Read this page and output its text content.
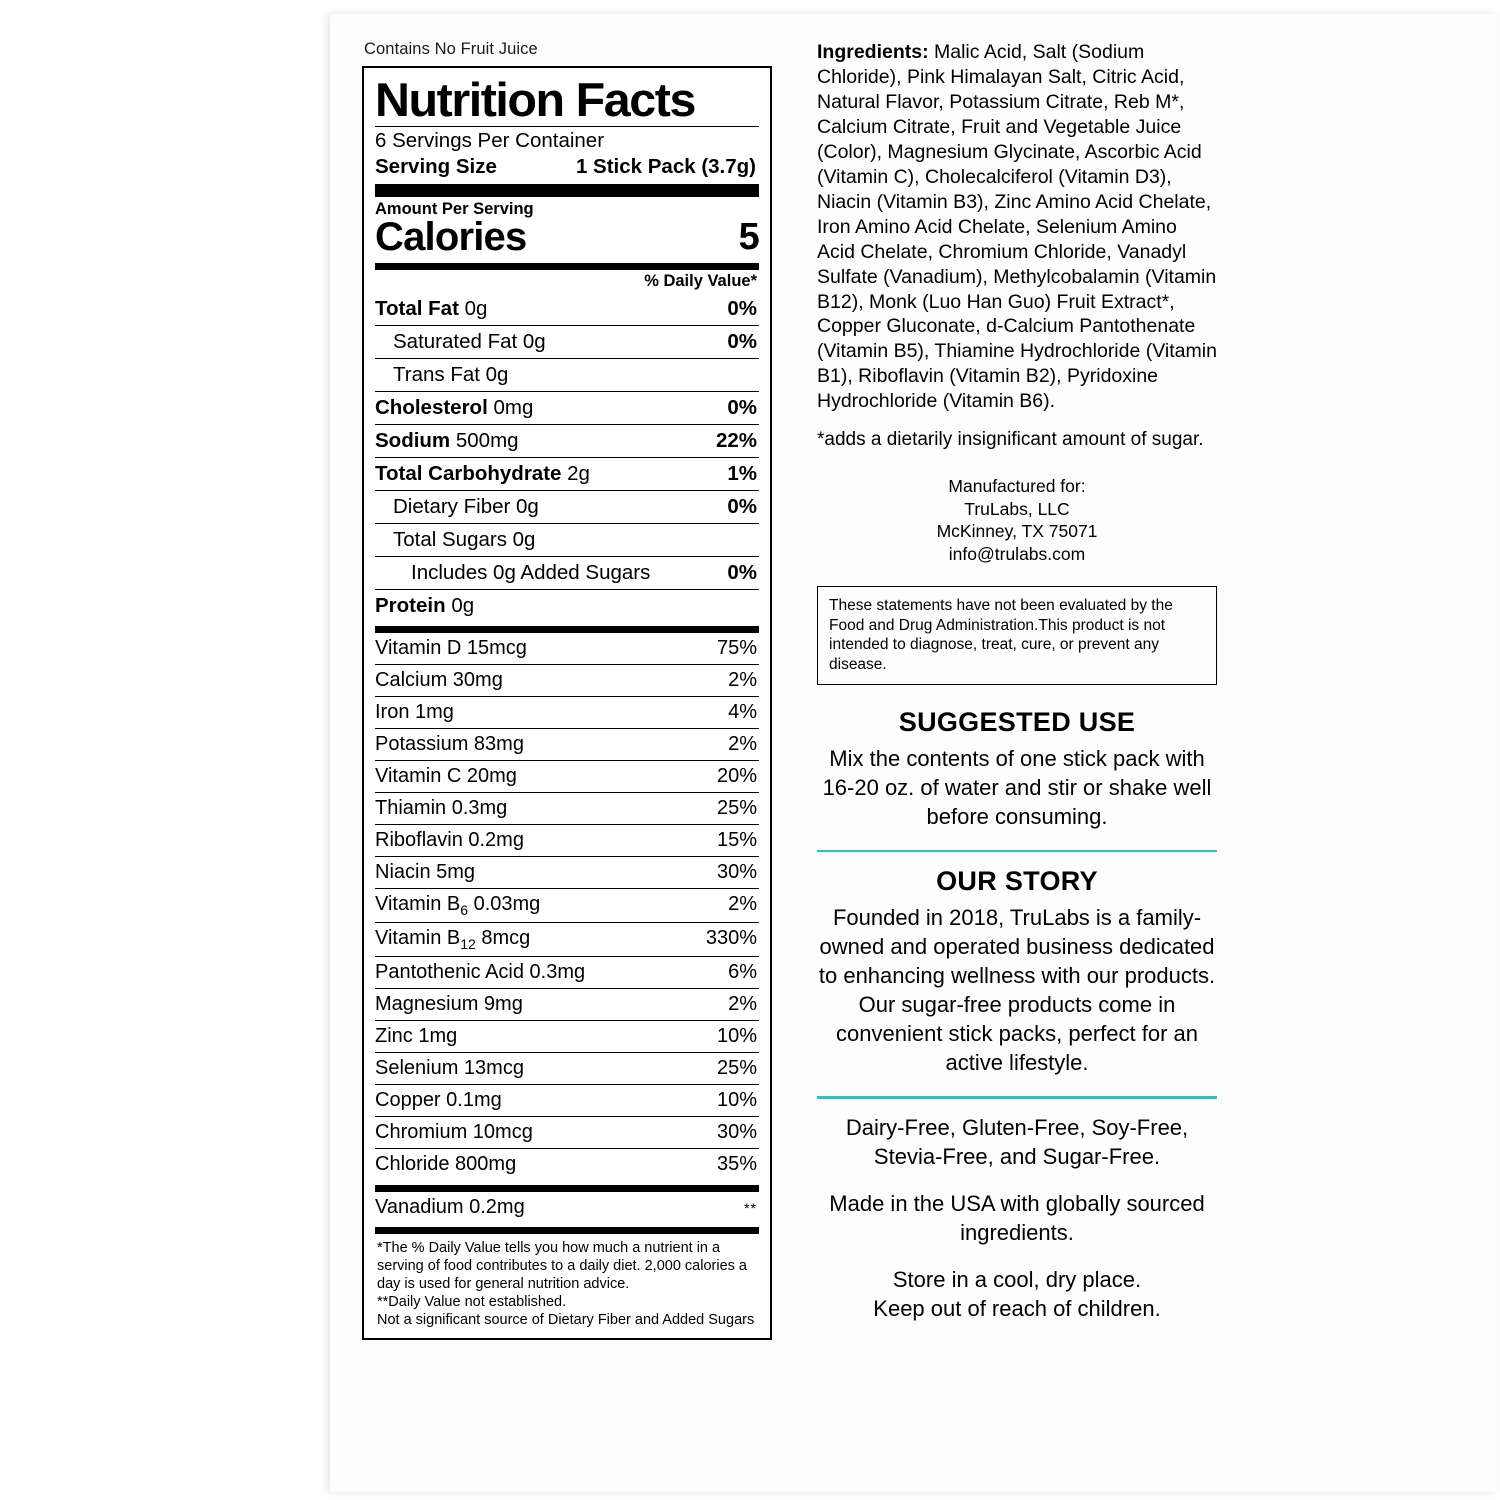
Contains No Fruit Juice
Nutrition Facts
6 Servings Per Container
Serving Size	1 Stick Pack (3.7g)
Amount Per Serving
Calories	5
% Daily Value*
Total Fat 0g	0%
Saturated Fat 0g	0%
Trans Fat 0g
Cholesterol 0mg	0%
Sodium 500mg	22%
Total Carbohydrate 2g	1%
Dietary Fiber 0g	0%
Total Sugars 0g
Includes 0g Added Sugars	0%
Protein 0g
Vitamin D 15mcg	75%
Calcium 30mg	2%
Iron 1mg	4%
Potassium 83mg	2%
Vitamin C 20mg	20%
Thiamin 0.3mg	25%
Riboflavin 0.2mg	15%
Niacin 5mg	30%
Vitamin $B_6$ 0.03mg	2%
Vitamin $B_{12}$ 8mcg	330%
Pantothenic Acid 0.3mg	6%
Magnesium 9mg	2%
Zinc 1mg	10%
Selenium 13mcg	25%
Copper 0.1mg	10%
Chromium 10mcg	30%
Chloride 800mg	35%
Vanadium 0.2mg	**

*The % Daily Value tells you how much a nutrient in a serving of food contributes to a daily diet. 2,000 calories a day is used for general nutrition advice.

**Daily Value not established.

Not a significant source of Dietary Fiber and Added Sugars

Ingredients: Malic Acid, Salt (Sodium Chloride), Pink Himalayan Salt, Citric Acid, Natural Flavor, Potassium Citrate, Reb M*, Calcium Citrate, Fruit and Vegetable Juice (Color), Magnesium Glycinate, Ascorbic Acid (Vitamin C), Cholecalciferol (Vitamin D3), Niacin (Vitamin B3), Zinc Amino Acid Chelate, Iron Amino Acid Chelate, Selenium Amino Acid Chelate, Chromium Chloride, Vanadyl Sulfate (Vanadium), Methylcobalamin (Vitamin B12), Monk (Luo Han Guo) Fruit Extract*, Copper Gluconate, d-Calcium Pantothenate (Vitamin B5), Thiamine Hydrochloride (Vitamin B1), Riboflavin (Vitamin B2), Pyridoxine Hydrochloride (Vitamin B6).

*adds a dietarily insignificant amount of sugar.

Manufactured for:
TruLabs, LLC
McKinney, TX 75071
info@trulabs.com
These statements have not been evaluated by the Food and Drug Administration.This product is not intended to diagnose, treat, cure, or prevent any disease.
SUGGESTED USE

Mix the contents of one stick pack with 16-20 oz. of water and stir or shake well before consuming.

OUR STORY

Founded in 2018, TruLabs is a family-owned and operated business dedicated to enhancing wellness with our products. Our sugar-free products come in convenient stick packs, perfect for an active lifestyle.

Dairy-Free, Gluten-Free, Soy-Free, Stevia-Free, and Sugar-Free.
Made in the USA with globally sourced ingredients.
Store in a cool, dry place.
Keep out of reach of children.
